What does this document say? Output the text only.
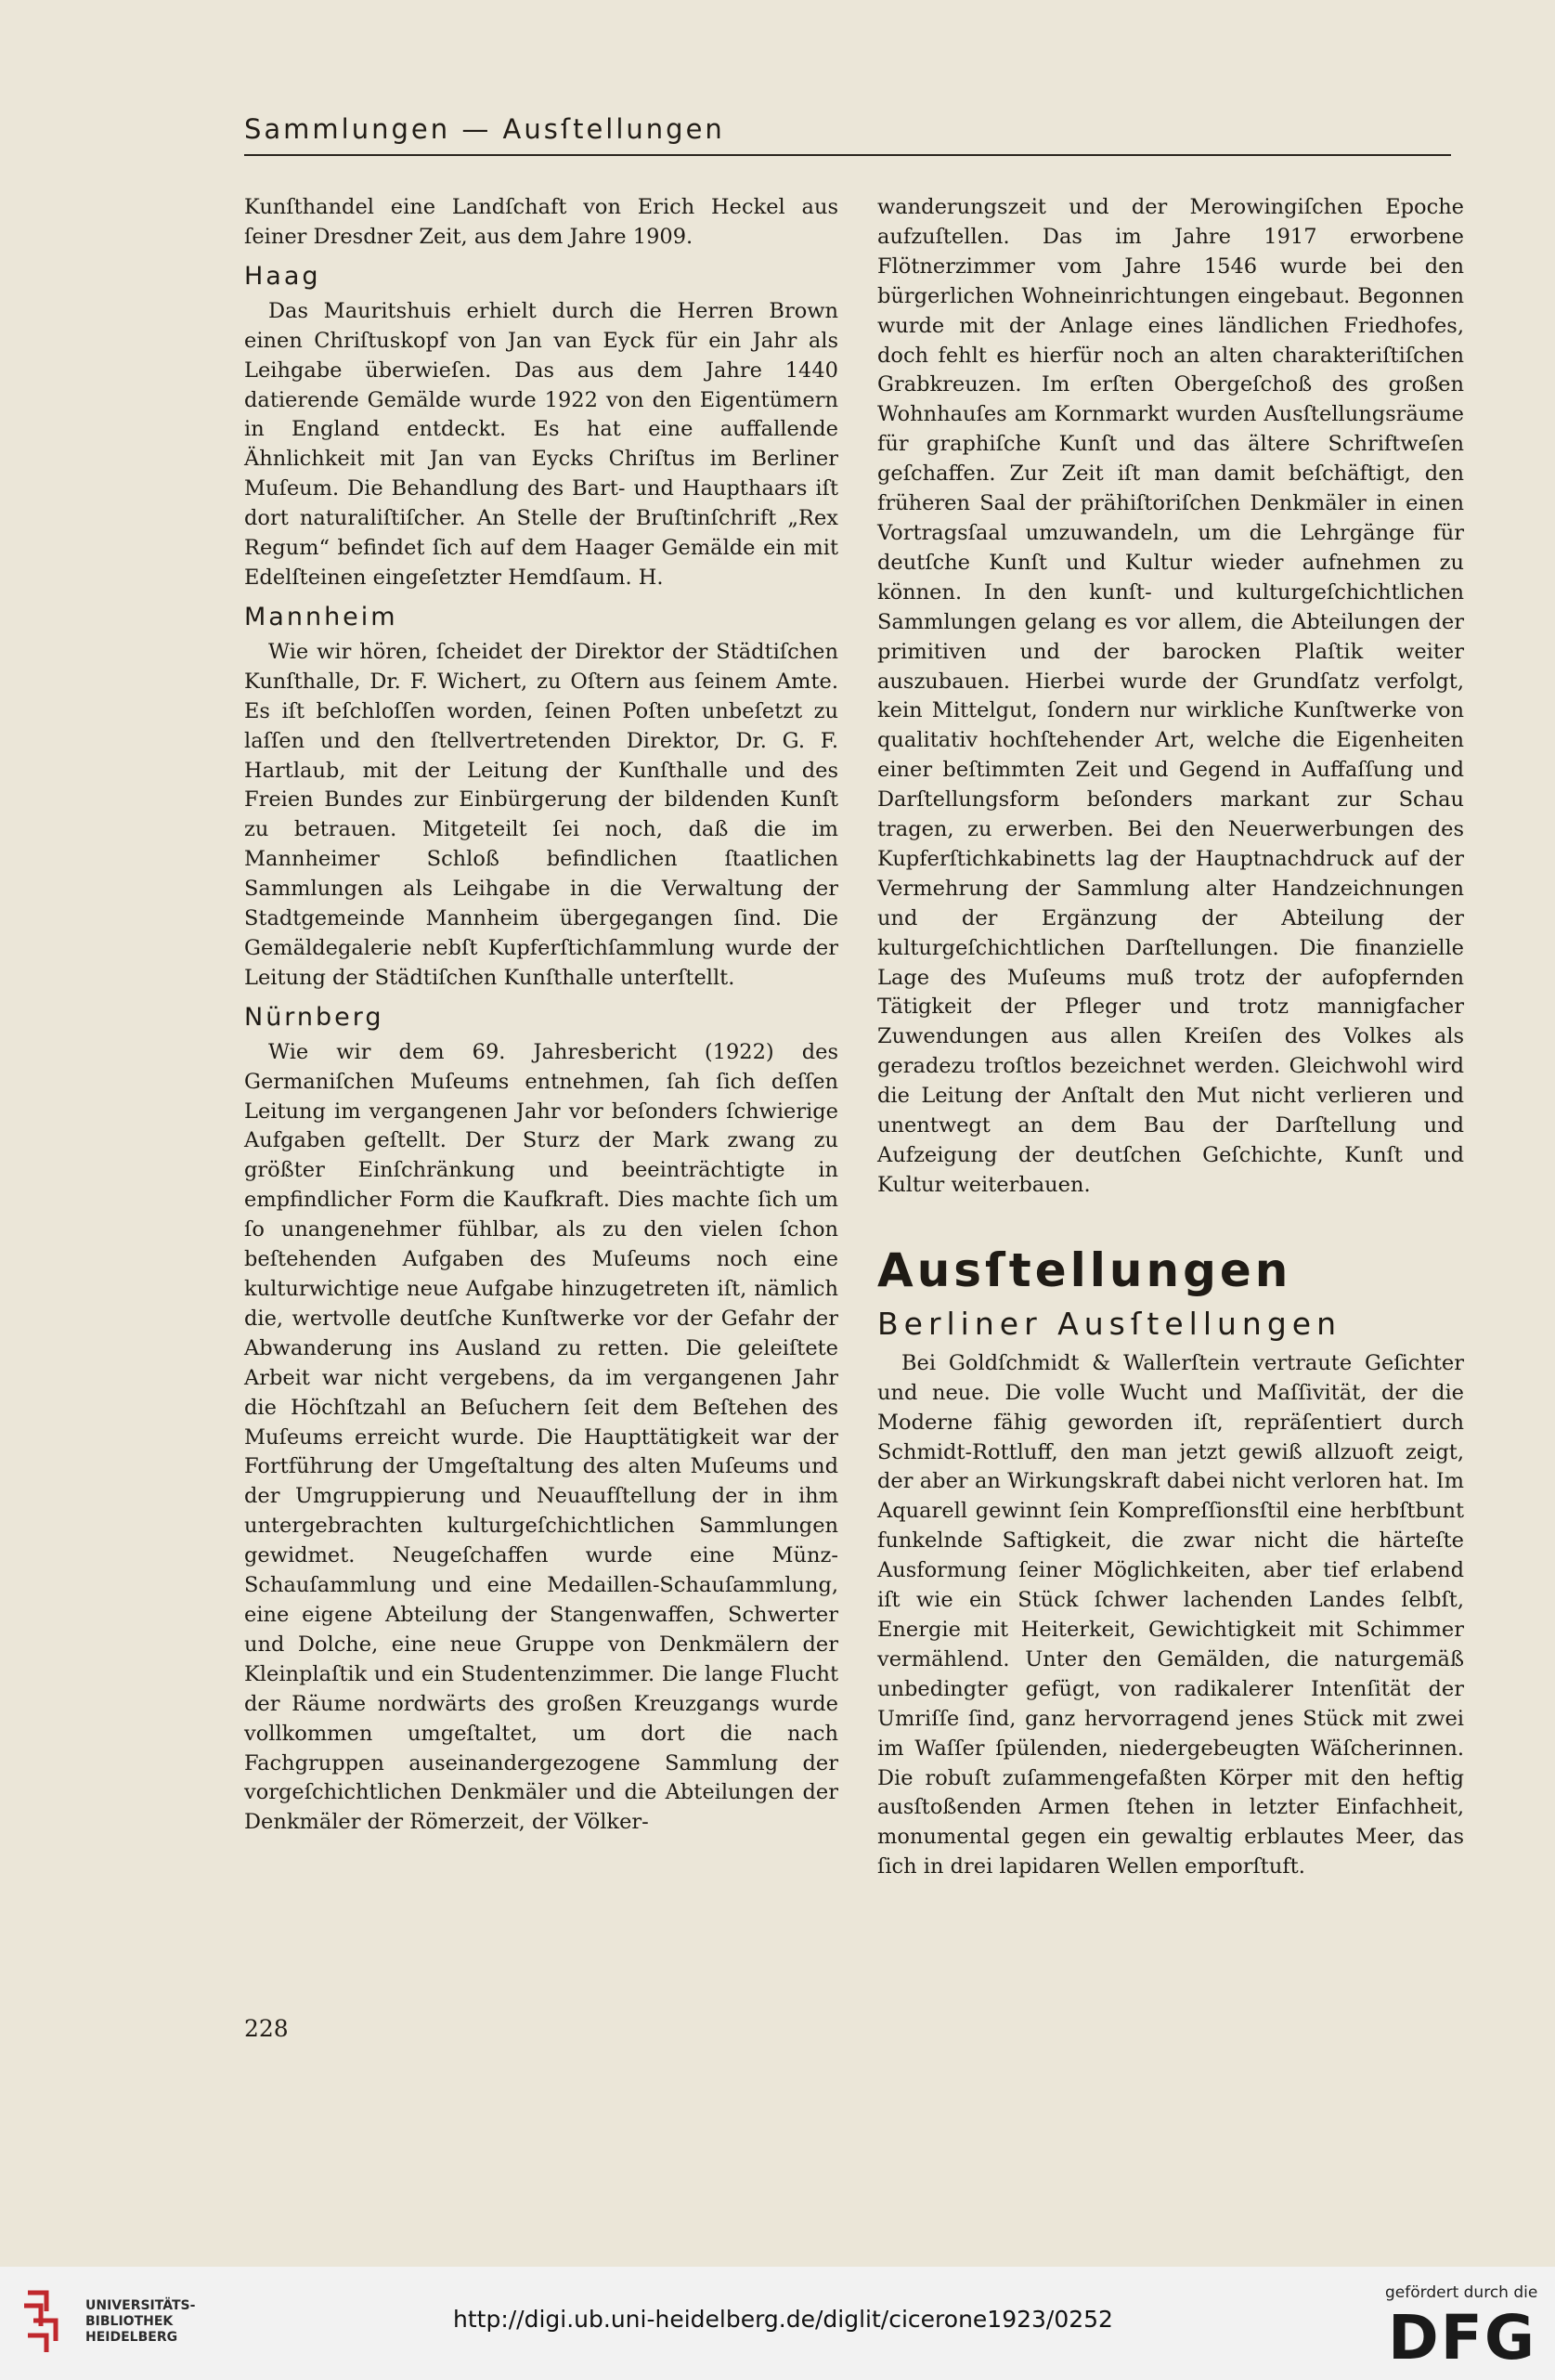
Sammlungen — Ausſtellungen

Kunſthandel eine Landſchaft von Erich Heckel aus ſeiner Dresdner Zeit, aus dem Jahre 1909.

Haag

Das Mauritshuis erhielt durch die Herren Brown einen Chriſtuskopf von Jan van Eyck für ein Jahr als Leihgabe überwieſen. Das aus dem Jahre 1440 datierende Gemälde wurde 1922 von den Eigentümern in England entdeckt. Es hat eine auffallende Ähnlichkeit mit Jan van Eycks Chriſtus im Berliner Muſeum. Die Behandlung des Bart- und Haupthaars iſt dort naturaliſtiſcher. An Stelle der Bruſtinſchrift „Rex Regum“ befindet ſich auf dem Haager Gemälde ein mit Edelſteinen eingeſetzter Hemdſaum. H.

Mannheim

Wie wir hören, ſcheidet der Direktor der Städtiſchen Kunſthalle, Dr. F. Wichert, zu Oſtern aus ſeinem Amte. Es iſt beſchloſſen worden, ſeinen Poſten unbeſetzt zu laſſen und den ſtellvertretenden Direktor, Dr. G. F. Hartlaub, mit der Leitung der Kunſthalle und des Freien Bundes zur Einbürgerung der bildenden Kunſt zu betrauen. Mitgeteilt ſei noch, daß die im Mannheimer Schloß befindlichen ſtaatlichen Sammlungen als Leihgabe in die Verwaltung der Stadtgemeinde Mannheim übergegangen ſind. Die Gemäldegalerie nebſt Kupferſtichſammlung wurde der Leitung der Städtiſchen Kunſthalle unterſtellt.

Nürnberg

Wie wir dem 69. Jahresbericht (1922) des Germaniſchen Muſeums entnehmen, ſah ſich deſſen Leitung im vergangenen Jahr vor beſonders ſchwierige Aufgaben geſtellt. Der Sturz der Mark zwang zu größter Einſchränkung und beeinträchtigte in empfindlicher Form die Kaufkraft. Dies machte ſich um ſo unangenehmer fühlbar, als zu den vielen ſchon beſtehenden Aufgaben des Muſeums noch eine kulturwichtige neue Aufgabe hinzugetreten iſt, nämlich die, wertvolle deutſche Kunſtwerke vor der Gefahr der Abwanderung ins Ausland zu retten. Die geleiſtete Arbeit war nicht vergebens, da im vergangenen Jahr die Höchſtzahl an Beſuchern ſeit dem Beſtehen des Muſeums erreicht wurde. Die Haupttätigkeit war der Fortführung der Umgeſtaltung des alten Muſeums und der Umgruppierung und Neuaufſtellung der in ihm untergebrachten kulturgeſchichtlichen Sammlungen gewidmet. Neugeſchaffen wurde eine Münz-Schauſammlung und eine Medaillen-Schauſammlung, eine eigene Abteilung der Stangenwaffen, Schwerter und Dolche, eine neue Gruppe von Denkmälern der Kleinplaſtik und ein Studentenzimmer. Die lange Flucht der Räume nordwärts des großen Kreuzgangs wurde vollkommen umgeſtaltet, um dort die nach Fachgruppen auseinandergezogene Sammlung der vorgeſchichtlichen Denkmäler und die Abteilungen der Denkmäler der Römerzeit, der Völker-

wanderungszeit und der Merowingiſchen Epoche aufzuſtellen. Das im Jahre 1917 erworbene Flötnerzimmer vom Jahre 1546 wurde bei den bürgerlichen Wohneinrichtungen eingebaut. Begonnen wurde mit der Anlage eines ländlichen Friedhofes, doch fehlt es hierfür noch an alten charakteriſtiſchen Grabkreuzen. Im erſten Obergeſchoß des großen Wohnhauſes am Kornmarkt wurden Ausſtellungsräume für graphiſche Kunſt und das ältere Schriftweſen geſchaffen. Zur Zeit iſt man damit beſchäftigt, den früheren Saal der prähiſtoriſchen Denkmäler in einen Vortragsſaal umzuwandeln, um die Lehrgänge für deutſche Kunſt und Kultur wieder aufnehmen zu können. In den kunſt- und kulturgeſchichtlichen Sammlungen gelang es vor allem, die Abteilungen der primitiven und der barocken Plaſtik weiter auszubauen. Hierbei wurde der Grundſatz verfolgt, kein Mittelgut, ſondern nur wirkliche Kunſtwerke von qualitativ hochſtehender Art, welche die Eigenheiten einer beſtimmten Zeit und Gegend in Auffaſſung und Darſtellungsform beſonders markant zur Schau tragen, zu erwerben. Bei den Neuerwerbungen des Kupferſtichkabinetts lag der Hauptnachdruck auf der Vermehrung der Sammlung alter Handzeichnungen und der Ergänzung der Abteilung der kulturgeſchichtlichen Darſtellungen. Die finanzielle Lage des Muſeums muß trotz der aufopfernden Tätigkeit der Pfleger und trotz mannigfacher Zuwendungen aus allen Kreiſen des Volkes als geradezu troſtlos bezeichnet werden. Gleichwohl wird die Leitung der Anſtalt den Mut nicht verlieren und unentwegt an dem Bau der Darſtellung und Aufzeigung der deutſchen Geſchichte, Kunſt und Kultur weiterbauen.

Ausſtellungen
Berliner Ausſtellungen

Bei Goldſchmidt & Wallerſtein vertraute Geſichter und neue. Die volle Wucht und Maſſivität, der die Moderne fähig geworden iſt, repräſentiert durch Schmidt-Rottluff, den man jetzt gewiß allzuoft zeigt, der aber an Wirkungskraft dabei nicht verloren hat. Im Aquarell gewinnt ſein Kompreſſionsſtil eine herbſtbunt funkelnde Saftigkeit, die zwar nicht die härteſte Ausformung ſeiner Möglichkeiten, aber tief erlabend iſt wie ein Stück ſchwer lachenden Landes ſelbſt, Energie mit Heiterkeit, Gewichtigkeit mit Schimmer vermählend. Unter den Gemälden, die naturgemäß unbedingter gefügt, von radikalerer Intenſität der Umriſſe ſind, ganz hervorragend jenes Stück mit zwei im Waſſer ſpülenden, niedergebeugten Wäſcherinnen. Die robuſt zuſammengefaßten Körper mit den heftig ausſtoßenden Armen ſtehen in letzter Einfachheit, monumental gegen ein gewaltig erblautes Meer, das ſich in drei lapidaren Wellen emporſtuft.

228
UNIVERSITÄTS-
BIBLIOTHEK
HEIDELBERG
http://digi.ub.uni-heidelberg.de/diglit/cicerone1923/0252
gefördert durch die
DFG
